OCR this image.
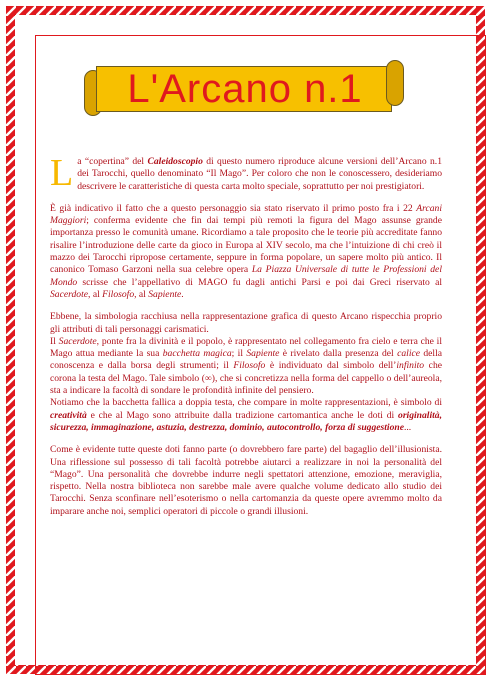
L'Arcano n.1

La “copertina” del Caleidoscopio di questo numero riproduce alcune versioni dell’Arcano n.1 dei Tarocchi, quello denominato “Il Mago”. Per coloro che non le conoscessero, desideriamo descrivere le caratteristiche di questa carta molto speciale, soprattutto per noi prestigiatori.

È già indicativo il fatto che a questo personaggio sia stato riservato il primo posto fra i 22 Arcani Maggiori; conferma evidente che fin dai tempi più remoti la figura del Mago assunse grande importanza presso le comunità umane. Ricordiamo a tale proposito che le teorie più accreditate fanno risalire l’introduzione delle carte da gioco in Europa al XIV secolo, ma che l’intuizione di chi creò il mazzo dei Tarocchi ripropose certamente, seppure in forma popolare, un sapere molto più antico. Il canonico Tomaso Garzoni nella sua celebre opera La Piazza Universale di tutte le Professioni del Mondo scrisse che l’appellativo di MAGO fu dagli antichi Parsi e poi dai Greci riservato al Sacerdote, al Filosofo, al Sapiente.

Ebbene, la simbologia racchiusa nella rappresentazione grafica di questo Arcano rispecchia proprio gli attributi di tali personaggi carismatici.
Il Sacerdote, ponte fra la divinità e il popolo, è rappresentato nel collegamento fra cielo e terra che il Mago attua mediante la sua bacchetta magica; il Sapiente è rivelato dalla presenza del calice della conoscenza e dalla borsa degli strumenti; il Filosofo è individuato dal simbolo dell’infinito che corona la testa del Mago. Tale simbolo (∞), che si concretizza nella forma del cappello o dell’aureola, sta a indicare la facoltà di sondare le profondità infinite del pensiero.
Notiamo che la bacchetta fallica a doppia testa, che compare in molte rappresentazioni, è simbolo di creatività e che al Mago sono attribuite dalla tradizione cartomantica anche le doti di originalità, sicurezza, immaginazione, astuzia, destrezza, dominio, autocontrollo, forza di suggestione...

Come è evidente tutte queste doti fanno parte (o dovrebbero fare parte) del bagaglio dell’illusionista. Una riflessione sul possesso di tali facoltà potrebbe aiutarci a realizzare in noi la personalità del “Mago”. Una personalità che dovrebbe indurre negli spettatori attenzione, emozione, meraviglia, rispetto. Nella nostra biblioteca non sarebbe male avere qualche volume dedicato allo studio dei Tarocchi. Senza sconfinare nell’esoterismo o nella cartomanzia da queste opere avremmo molto da imparare anche noi, semplici operatori di piccole o grandi illusioni.
